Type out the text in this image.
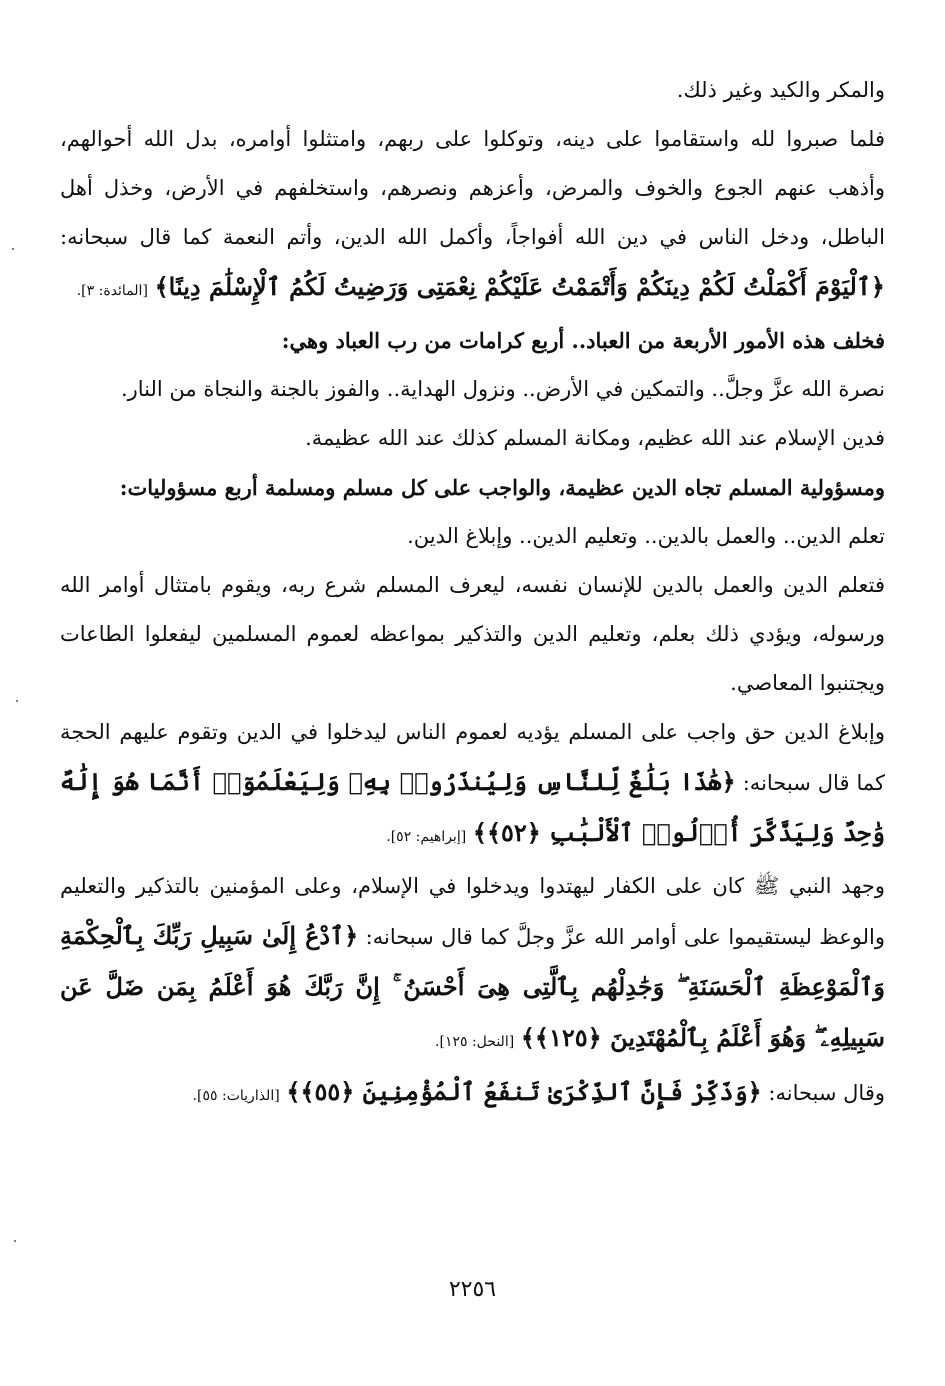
والمكر والكيد وغير ذلك.

فلما صبروا لله واستقاموا على دينه، وتوكلوا على ربهم، وامتثلوا أوامره، بدل الله أحوالهم، وأذهب عنهم الجوع والخوف والمرض، وأعزهم ونصرهم، واستخلفهم في الأرض، وخذل أهل الباطل، ودخل الناس في دين الله أفواجاً، وأكمل الله الدين، وأتم النعمة كما قال سبحانه: ﴿ٱلْيَوْمَ أَكْمَلْتُ لَكُمْ دِينَكُمْ وَأَتْمَمْتُ عَلَيْكُمْ نِعْمَتِى وَرَضِيتُ لَكُمُ ٱلْإِسْلَٰمَ دِينًا﴾ [المائدة: ٣].

فخلف هذه الأمور الأربعة من العباد.. أربع كرامات من رب العباد وهي:

نصرة الله عزَّ وجلَّ.. والتمكين في الأرض.. ونزول الهداية.. والفوز بالجنة والنجاة من النار.

فدين الإسلام عند الله عظيم، ومكانة المسلم كذلك عند الله عظيمة.

ومسؤولية المسلم تجاه الدين عظيمة، والواجب على كل مسلم ومسلمة أربع مسؤوليات:

تعلم الدين.. والعمل بالدين.. وتعليم الدين.. وإبلاغ الدين.

فتعلم الدين والعمل بالدين للإنسان نفسه، ليعرف المسلم شرع ربه، ويقوم بامتثال أوامر الله ورسوله، ويؤدي ذلك بعلم، وتعليم الدين والتذكير بمواعظه لعموم المسلمين ليفعلوا الطاعات ويجتنبوا المعاصي.

وإبلاغ الدين حق واجب على المسلم يؤديه لعموم الناس ليدخلوا في الدين وتقوم عليهم الحجة كما قال سبحانه: ﴿هَٰذَا بَلَٰغٌ لِّلنَّاسِ وَلِيُنذَرُوا۟ بِهِۦ وَلِيَعْلَمُوٓا۟ أَنَّمَا هُوَ إِلَٰهٌ وَٰحِدٌ وَلِيَذَّكَّرَ أُو۟لُوا۟ ٱلْأَلْبَٰبِ ﴿٥٢﴾﴾ [إبراهيم: ٥٢].

وجهد النبي ﷺ كان على الكفار ليهتدوا ويدخلوا في الإسلام، وعلى المؤمنين بالتذكير والتعليم والوعظ ليستقيموا على أوامر الله عزَّ وجلَّ كما قال سبحانه: ﴿ٱدْعُ إِلَىٰ سَبِيلِ رَبِّكَ بِٱلْحِكْمَةِ وَٱلْمَوْعِظَةِ ٱلْحَسَنَةِ ۖ وَجَٰدِلْهُم بِٱلَّتِى هِىَ أَحْسَنُ ۚ إِنَّ رَبَّكَ هُوَ أَعْلَمُ بِمَن ضَلَّ عَن سَبِيلِهِۦ ۖ وَهُوَ أَعْلَمُ بِٱلْمُهْتَدِينَ ﴿١٢٥﴾﴾ [النحل: ١٢٥].

وقال سبحانه: ﴿وَذَكِّرْ فَإِنَّ ٱلذِّكْرَىٰ تَنفَعُ ٱلْمُؤْمِنِينَ ﴿٥٥﴾﴾ [الذاريات: ٥٥].

٢٢٥٦
